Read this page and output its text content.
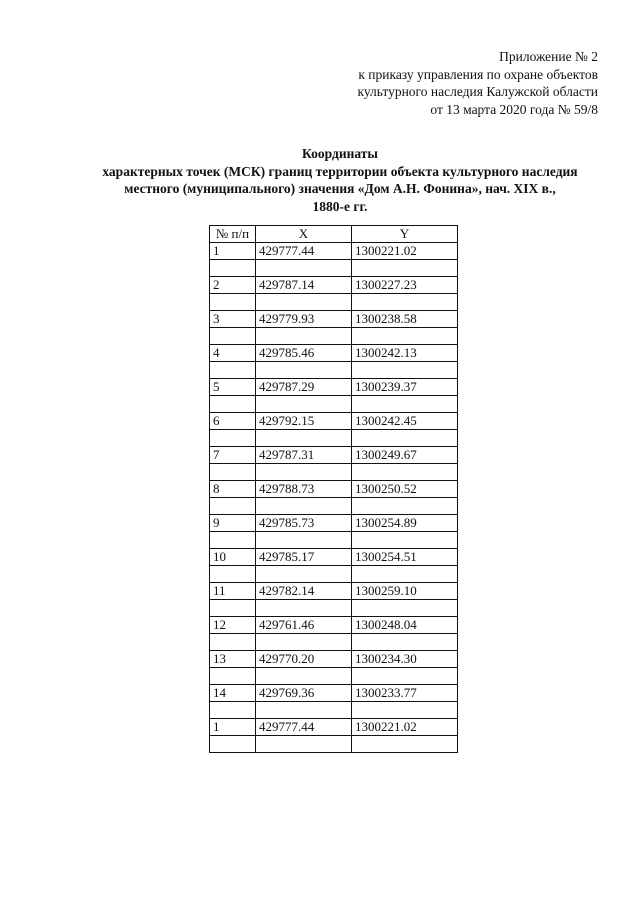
Приложение № 2
к приказу управления по охране объектов
культурного наследия Калужской области
от 13 марта 2020 года № 59/8
Координаты
характерных точек (МСК) границ территории объекта культурного наследия
местного (муниципального) значения «Дом А.Н. Фонина», нач. XIX в.,
1880-е гг.
№ п/п	X	Y
1	429777.44	1300221.02

2	429787.14	1300227.23

3	429779.93	1300238.58

4	429785.46	1300242.13

5	429787.29	1300239.37

6	429792.15	1300242.45

7	429787.31	1300249.67

8	429788.73	1300250.52

9	429785.73	1300254.89

10	429785.17	1300254.51

11	429782.14	1300259.10

12	429761.46	1300248.04

13	429770.20	1300234.30

14	429769.36	1300233.77

1	429777.44	1300221.02
